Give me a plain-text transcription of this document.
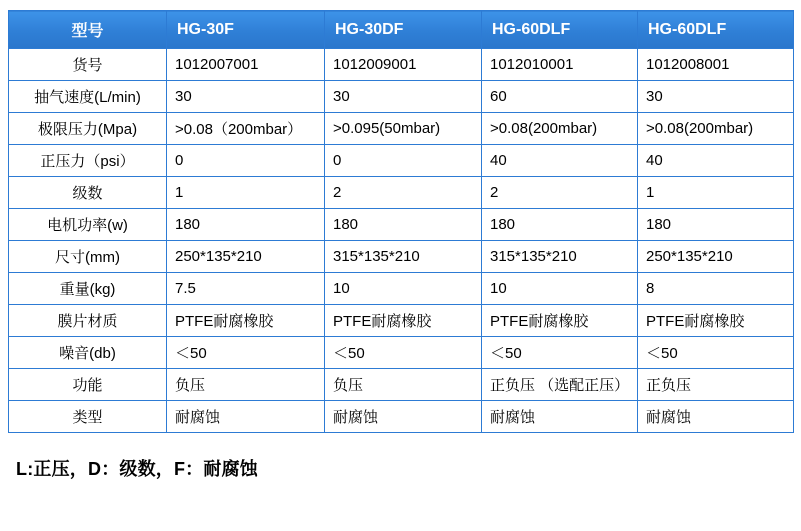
型号	HG-30F	HG-30DF	HG-60DLF	HG-60DLF
货号	1012007001	1012009001	1012010001	1012008001
抽气速度(L/min)	30	30	60	30
极限压力(Mpa)	>0.08（200mbar）	>0.095(50mbar)	>0.08(200mbar)	>0.08(200mbar)
正压力（psi）	0	0	40	40
级数	1	2	2	1
电机功率(w)	180	180	180	180
尺寸(mm)	250*135*210	315*135*210	315*135*210	250*135*210
重量(kg)	7.5	10	10	8
膜片材质	PTFE耐腐橡胶	PTFE耐腐橡胶	PTFE耐腐橡胶	PTFE耐腐橡胶
噪音(db)	＜50	＜50	＜50	＜50
功能	负压	负压	正负压 （选配正压）	正负压
类型	耐腐蚀	耐腐蚀	耐腐蚀	耐腐蚀
L:正压，D：级数，F：耐腐蚀
